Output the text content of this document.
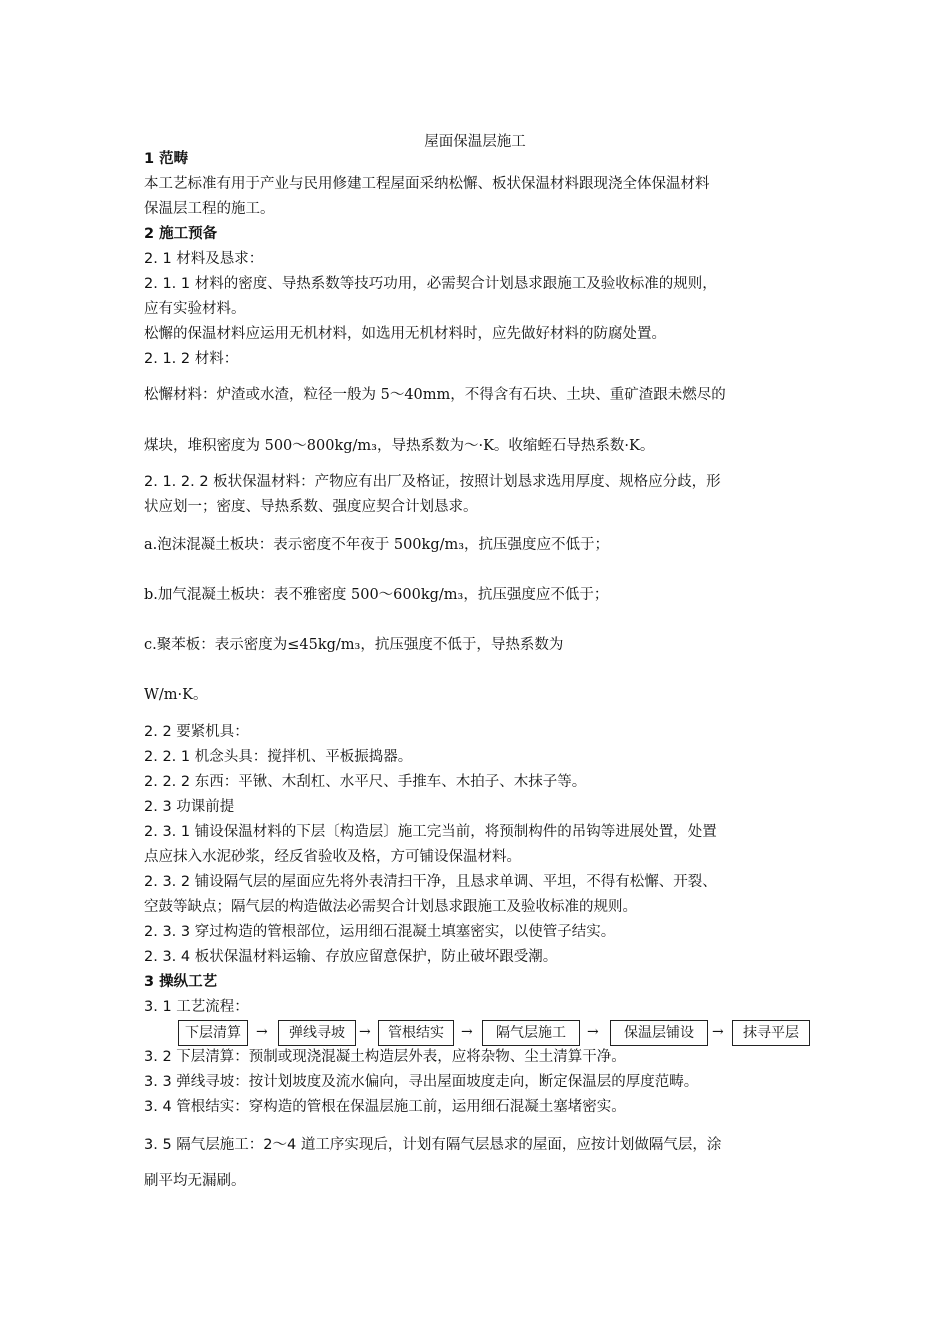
屋面保温层施工
1 范畴
本工艺标准有用于产业与民用修建工程屋面采纳松懈、板状保温材料跟现浇全体保温材料
保温层工程的施工。
2 施工预备
2. 1 材料及恳求：
2. 1. 1 材料的密度、导热系数等技巧功用，必需契合计划恳求跟施工及验收标准的规则，
应有实验材料。
松懈的保温材料应运用无机材料，如选用无机材料时，应先做好材料的防腐处置。
2. 1. 2 材料：
松懈材料：炉渣或水渣，粒径一般为 5～40mm，不得含有石块、土块、重矿渣跟未燃尽的
煤块，堆积密度为 500～800kg/m₃，导热系数为～·K。收缩蛭石导热系数·K。
2. 1. 2. 2 板状保温材料：产物应有出厂及格证，按照计划恳求选用厚度、规格应分歧，形
状应划一；密度、导热系数、强度应契合计划恳求。
a.泡沫混凝土板块：表示密度不年夜于 500kg/m₃，抗压强度应不低于；
b.加气混凝土板块：表不雅密度 500～600kg/m₃，抗压强度应不低于；
c.聚苯板：表示密度为≤45kg/m₃，抗压强度不低于，导热系数为
W/m·K。
2. 2 要紧机具：
2. 2. 1 机念头具：搅拌机、平板振捣器。
2. 2. 2 东西：平锹、木刮杠、水平尺、手推车、木拍子、木抹子等。
2. 3 功课前提
2. 3. 1 铺设保温材料的下层〔构造层〕施工完当前，将预制构件的吊钩等进展处置，处置
点应抹入水泥砂浆，经反省验收及格，方可铺设保温材料。
2. 3. 2 铺设隔气层的屋面应先将外表清扫干净，且恳求单调、平坦，不得有松懈、开裂、
空鼓等缺点；隔气层的构造做法必需契合计划恳求跟施工及验收标准的规则。
2. 3. 3 穿过构造的管根部位，运用细石混凝土填塞密实，以使管子结实。
2. 3. 4 板状保温材料运输、存放应留意保护，防止破坏跟受潮。
3 操纵工艺
3. 1 工艺流程：
下层清算	→	弹线寻坡	→	管根结实	→	隔气层施工	→	保温层铺设	→	抹寻平层
3. 2 下层清算：预制或现浇混凝土构造层外表，应将杂物、尘土清算干净。
3. 3 弹线寻坡：按计划坡度及流水偏向，寻出屋面坡度走向，断定保温层的厚度范畴。
3. 4 管根结实：穿构造的管根在保温层施工前，运用细石混凝土塞堵密实。
3. 5 隔气层施工：2～4 道工序实现后，计划有隔气层恳求的屋面，应按计划做隔气层，涂
刷平均无漏刷。
